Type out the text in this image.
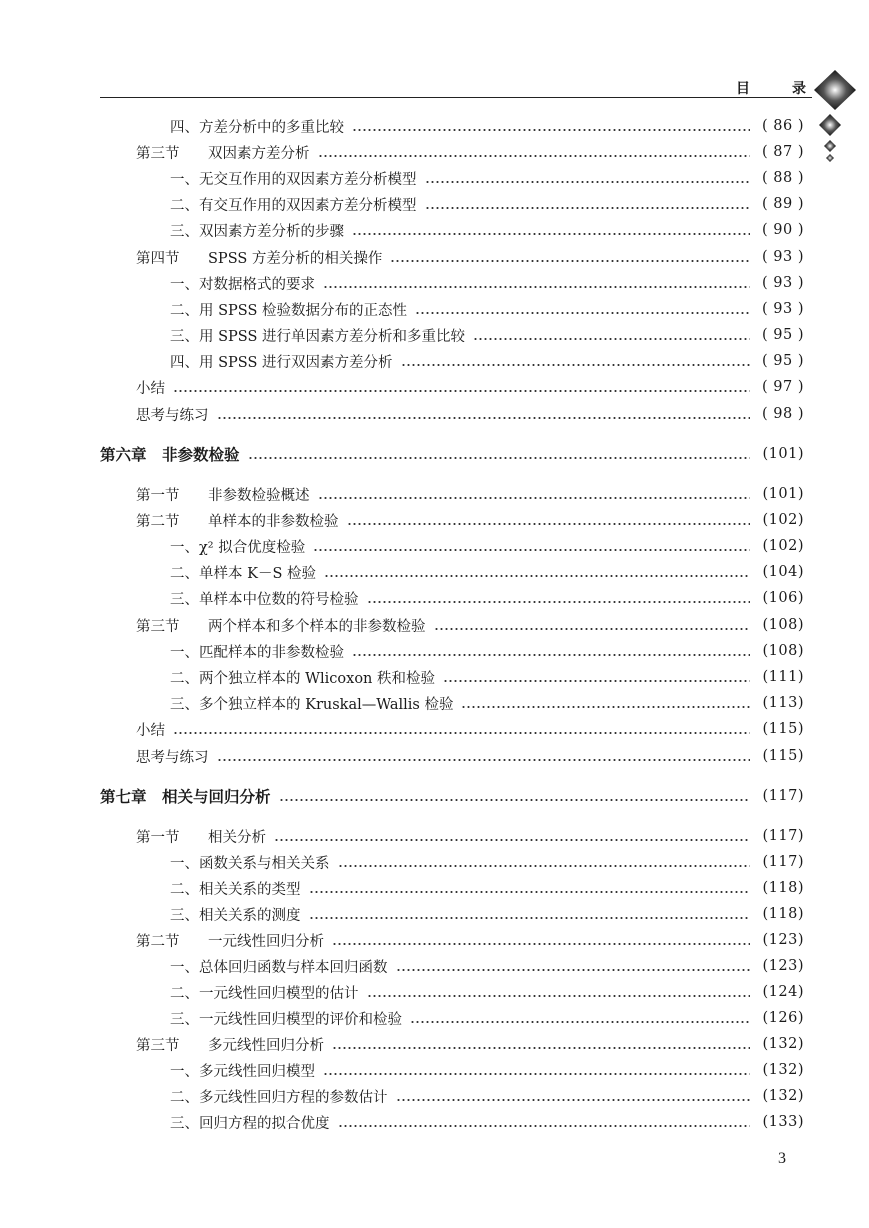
目	录
四、方差分析中的多重比较	( 86 )
第三节 双因素方差分析	( 87 )
一、无交互作用的双因素方差分析模型	( 88 )
二、有交互作用的双因素方差分析模型	( 89 )
三、双因素方差分析的步骤	( 90 )
第四节 SPSS 方差分析的相关操作	( 93 )
一、对数据格式的要求	( 93 )
二、用 SPSS 检验数据分布的正态性	( 93 )
三、用 SPSS 进行单因素方差分析和多重比较	( 95 )
四、用 SPSS 进行双因素方差分析	( 95 )
小结	( 97 )
思考与练习	( 98 )
第六章　非参数检验	(101)
第一节 非参数检验概述	(101)
第二节 单样本的非参数检验	(102)
一、χ² 拟合优度检验	(102)
二、单样本 K－S 检验	(104)
三、单样本中位数的符号检验	(106)
第三节 两个样本和多个样本的非参数检验	(108)
一、匹配样本的非参数检验	(108)
二、两个独立样本的 Wlicoxon 秩和检验	(111)
三、多个独立样本的 Kruskal—Wallis 检验	(113)
小结	(115)
思考与练习	(115)
第七章　相关与回归分析	(117)
第一节 相关分析	(117)
一、函数关系与相关关系	(117)
二、相关关系的类型	(118)
三、相关关系的测度	(118)
第二节 一元线性回归分析	(123)
一、总体回归函数与样本回归函数	(123)
二、一元线性回归模型的估计	(124)
三、一元线性回归模型的评价和检验	(126)
第三节 多元线性回归分析	(132)
一、多元线性回归模型	(132)
二、多元线性回归方程的参数估计	(132)
三、回归方程的拟合优度	(133)
3
